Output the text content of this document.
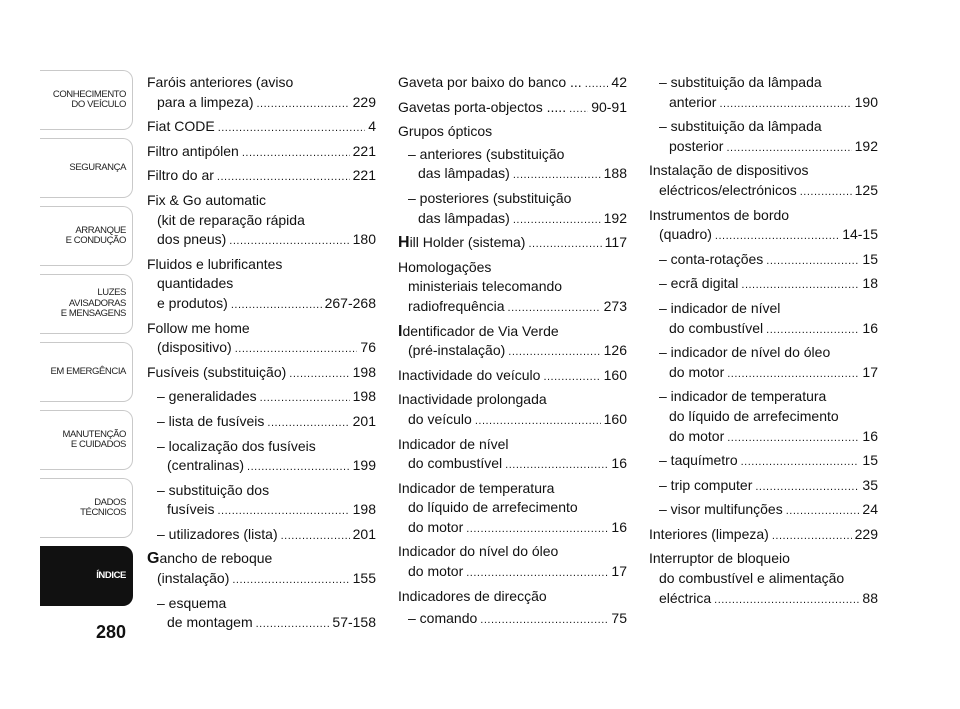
CONHECIMENTO
DO VEÍCULO
SEGURANÇA
ARRANQUE
E CONDUÇÃO
LUZES
AVISADORAS
E MENSAGENS
EM EMERGÊNCIA
MANUTENÇÃO
E CUIDADOS
DADOS
TÉCNICOS
ÍNDICE
280
Faróis anteriores (aviso
para a limpeza) .....	229
Fiat CODE .....	4
Filtro antipólen .....	221
Filtro do ar .....	221
Fix & Go automatic
(kit de reparação rápida
dos pneus) .....	180
Fluidos e lubrificantes
quantidades
e produtos) .....	267-268
Follow me home
(dispositivo) .....	76
Fusíveis (substituição) .....	198
– generalidades .....	198
– lista de fusíveis .....	201
– localização dos fusíveis
(centralinas) .....	199
– substituição dos
fusíveis .....	198
– utilizadores (lista) .....	201
Gancho de reboque
(instalação) .....	155
– esquema
de montagem .....	57-158
Gaveta por baixo do banco ... ..... 42
Gavetas porta-objectos ..... ..... 90-91
Grupos ópticos
– anteriores (substituição
das lâmpadas) .....	188
– posteriores (substituição
das lâmpadas) .....	192
Hill Holder (sistema) .....	117
Homologações
ministeriais telecomando
radiofrequência .....	273
Identificador de Via Verde
(pré-instalação) .....	126
Inactividade do veículo .....	160
Inactividade prolongada
do veículo .....	160
Indicador de nível
do combustível .....	16
Indicador de temperatura
do líquido de arrefecimento
do motor .....	16
Indicador do nível do óleo
do motor .....	17
Indicadores de direcção
– comando .....	75
– substituição da lâmpada
anterior .....	190
– substituição da lâmpada
posterior .....	192
Instalação de dispositivos
eléctricos/electrónicos .....	125
Instrumentos de bordo
(quadro) .....	14-15
– conta-rotações .....	15
– ecrã digital .....	18
– indicador de nível
do combustível .....	16
– indicador de nível do óleo
do motor .....	17
– indicador de temperatura
do líquido de arrefecimento
do motor .....	16
– taquímetro .....	15
– trip computer .....	35
– visor multifunções .....	24
Interiores (limpeza) .....	229
Interruptor de bloqueio
do combustível e alimentação
eléctrica .....	88
